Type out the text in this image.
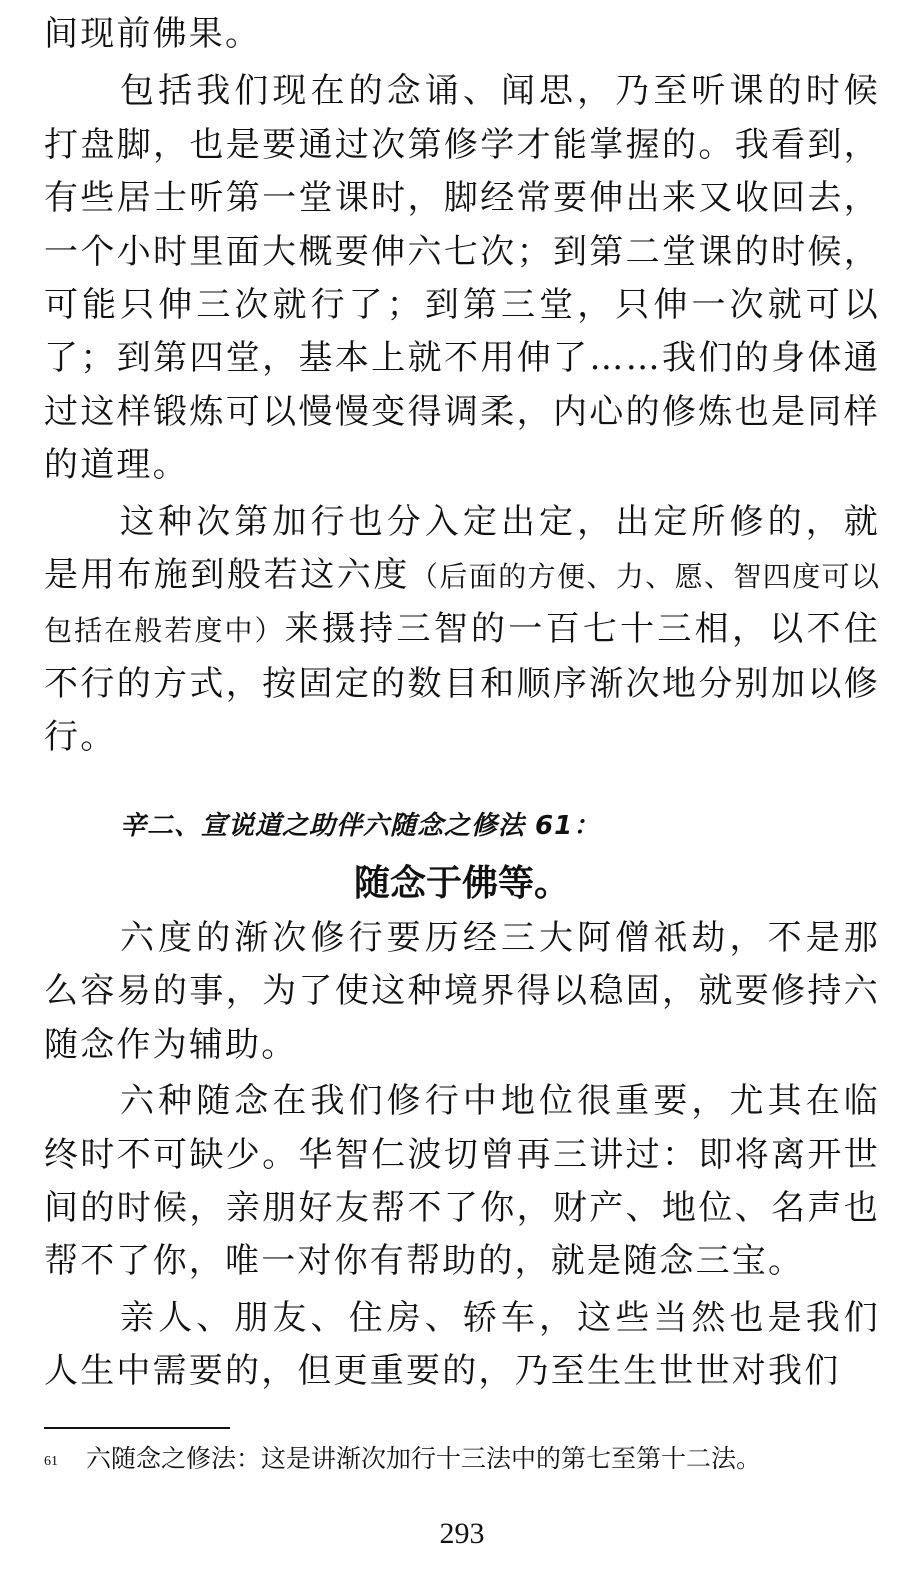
间现前佛果。

包括我们现在的念诵、闻思，乃至听课的时候打盘脚，也是要通过次第修学才能掌握的。我看到，有些居士听第一堂课时，脚经常要伸出来又收回去，一个小时里面大概要伸六七次；到第二堂课的时候，可能只伸三次就行了；到第三堂，只伸一次就可以了；到第四堂，基本上就不用伸了……我们的身体通过这样锻炼可以慢慢变得调柔，内心的修炼也是同样的道理。

这种次第加行也分入定出定，出定所修的，就是用布施到般若这六度（后面的方便、力、愿、智四度可以包括在般若度中）来摄持三智的一百七十三相，以不住不行的方式，按固定的数目和顺序渐次地分别加以修行。

辛二、宣说道之助伴六随念之修法 61：

随念于佛等。

六度的渐次修行要历经三大阿僧祇劫，不是那么容易的事，为了使这种境界得以稳固，就要修持六随念作为辅助。

六种随念在我们修行中地位很重要，尤其在临终时不可缺少。华智仁波切曾再三讲过：即将离开世间的时候，亲朋好友帮不了你，财产、地位、名声也帮不了你，唯一对你有帮助的，就是随念三宝。

亲人、朋友、住房、轿车，这些当然也是我们人生中需要的，但更重要的，乃至生生世世对我们

61 六随念之修法：这是讲渐次加行十三法中的第七至第十二法。
293
